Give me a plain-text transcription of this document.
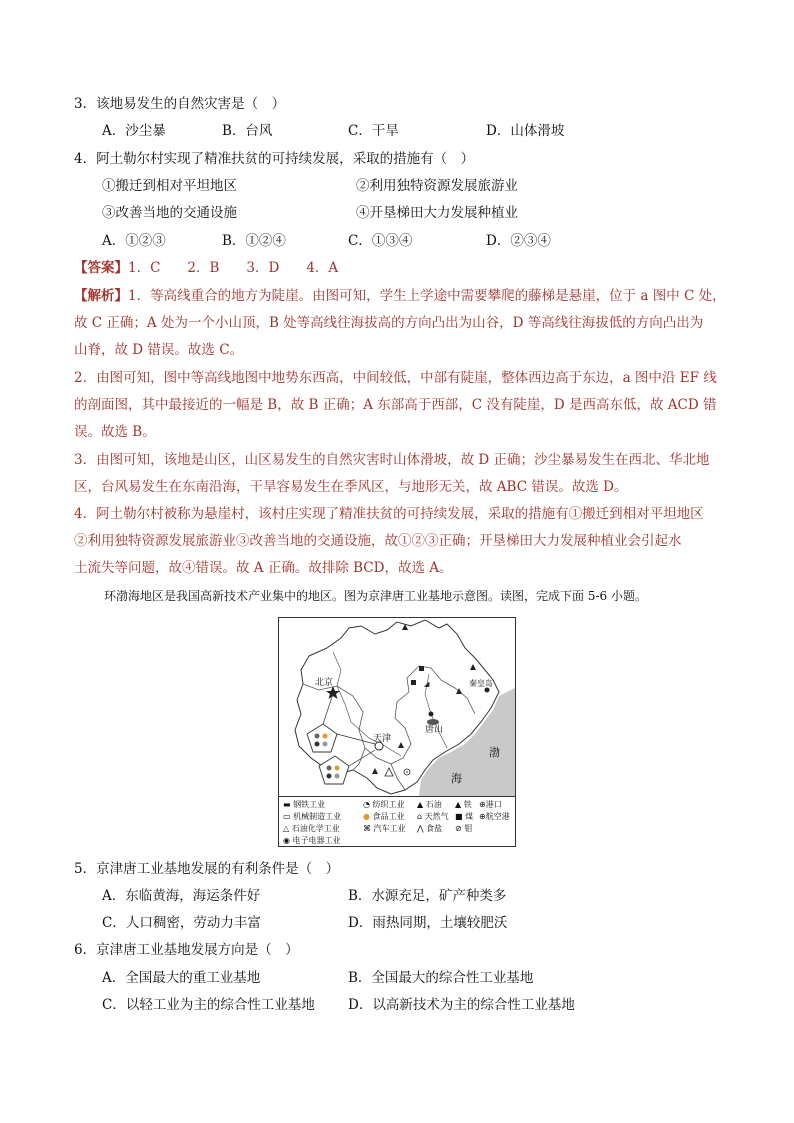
3．该地易发生的自然灾害是（　）
A．沙尘暴	B．台风	C．干旱	D．山体滑坡
4．阿土勒尔村实现了精准扶贫的可持续发展，采取的措施有（　）
①搬迁到相对平坦地区	②利用独特资源发展旅游业
③改善当地的交通设施	④开垦梯田大力发展种植业
A．①②③	B．①②④	C．①③④	D．②③④
【答案】1．C　　2．B　　3．D　　4．A
【解析】1．等高线重合的地方为陡崖。由图可知，学生上学途中需要攀爬的藤梯是悬崖，位于 a 图中 C 处，
故 C 正确；A 处为一个小山顶，B 处等高线往海拔高的方向凸出为山谷，D 等高线往海拔低的方向凸出为
山脊，故 D 错误。故选 C。
2．由图可知，图中等高线地图中地势东西高，中间较低，中部有陡崖，整体西边高于东边，a 图中沿 EF 线
的剖面图，其中最接近的一幅是 B，故 B 正确；A 东部高于西部，C 没有陡崖，D 是西高东低，故 ACD 错
误。故选 B。
3．由图可知，该地是山区，山区易发生的自然灾害时山体滑坡，故 D 正确；沙尘暴易发生在西北、华北地
区，台风易发生在东南沿海，干旱容易发生在季风区，与地形无关，故 ABC 错误。故选 D。
4．阿土勒尔村被称为悬崖村，该村庄实现了精准扶贫的可持续发展，采取的措施有①搬迁到相对平坦地区
②利用独特资源发展旅游业③改善当地的交通设施，故①②③正确；开垦梯田大力发展种植业会引起水
土流失等问题，故④错误。故 A 正确。故排除 BCD，故选 A。
环渤海地区是我国高新技术产业集中的地区。图为京津唐工业基地示意图。读图，完成下面 5-6 小题。
◢
北京
天津
唐山
秦皇岛
渤
海
▬ 钢铁工业	◔ 纺织工业 ▲ 石油 ▲ 铁 ⊕港口
▭ 机械制造工业	● 食品工业 ⌂ 天然气 ■ 煤 ⊕航空港
△ 石油化学工业	⌘ 汽车工业 ⋀ 食盐 ⊘ 钼
◉ 电子电器工业
5．京津唐工业基地发展的有利条件是（　）
A．东临黄海，海运条件好	B．水源充足，矿产种类多
C．人口稠密，劳动力丰富	D．雨热同期，土壤较肥沃
6．京津唐工业基地发展方向是（　）
A．全国最大的重工业基地	B．全国最大的综合性工业基地
C．以轻工业为主的综合性工业基地 D．以高新技术为主的综合性工业基地
